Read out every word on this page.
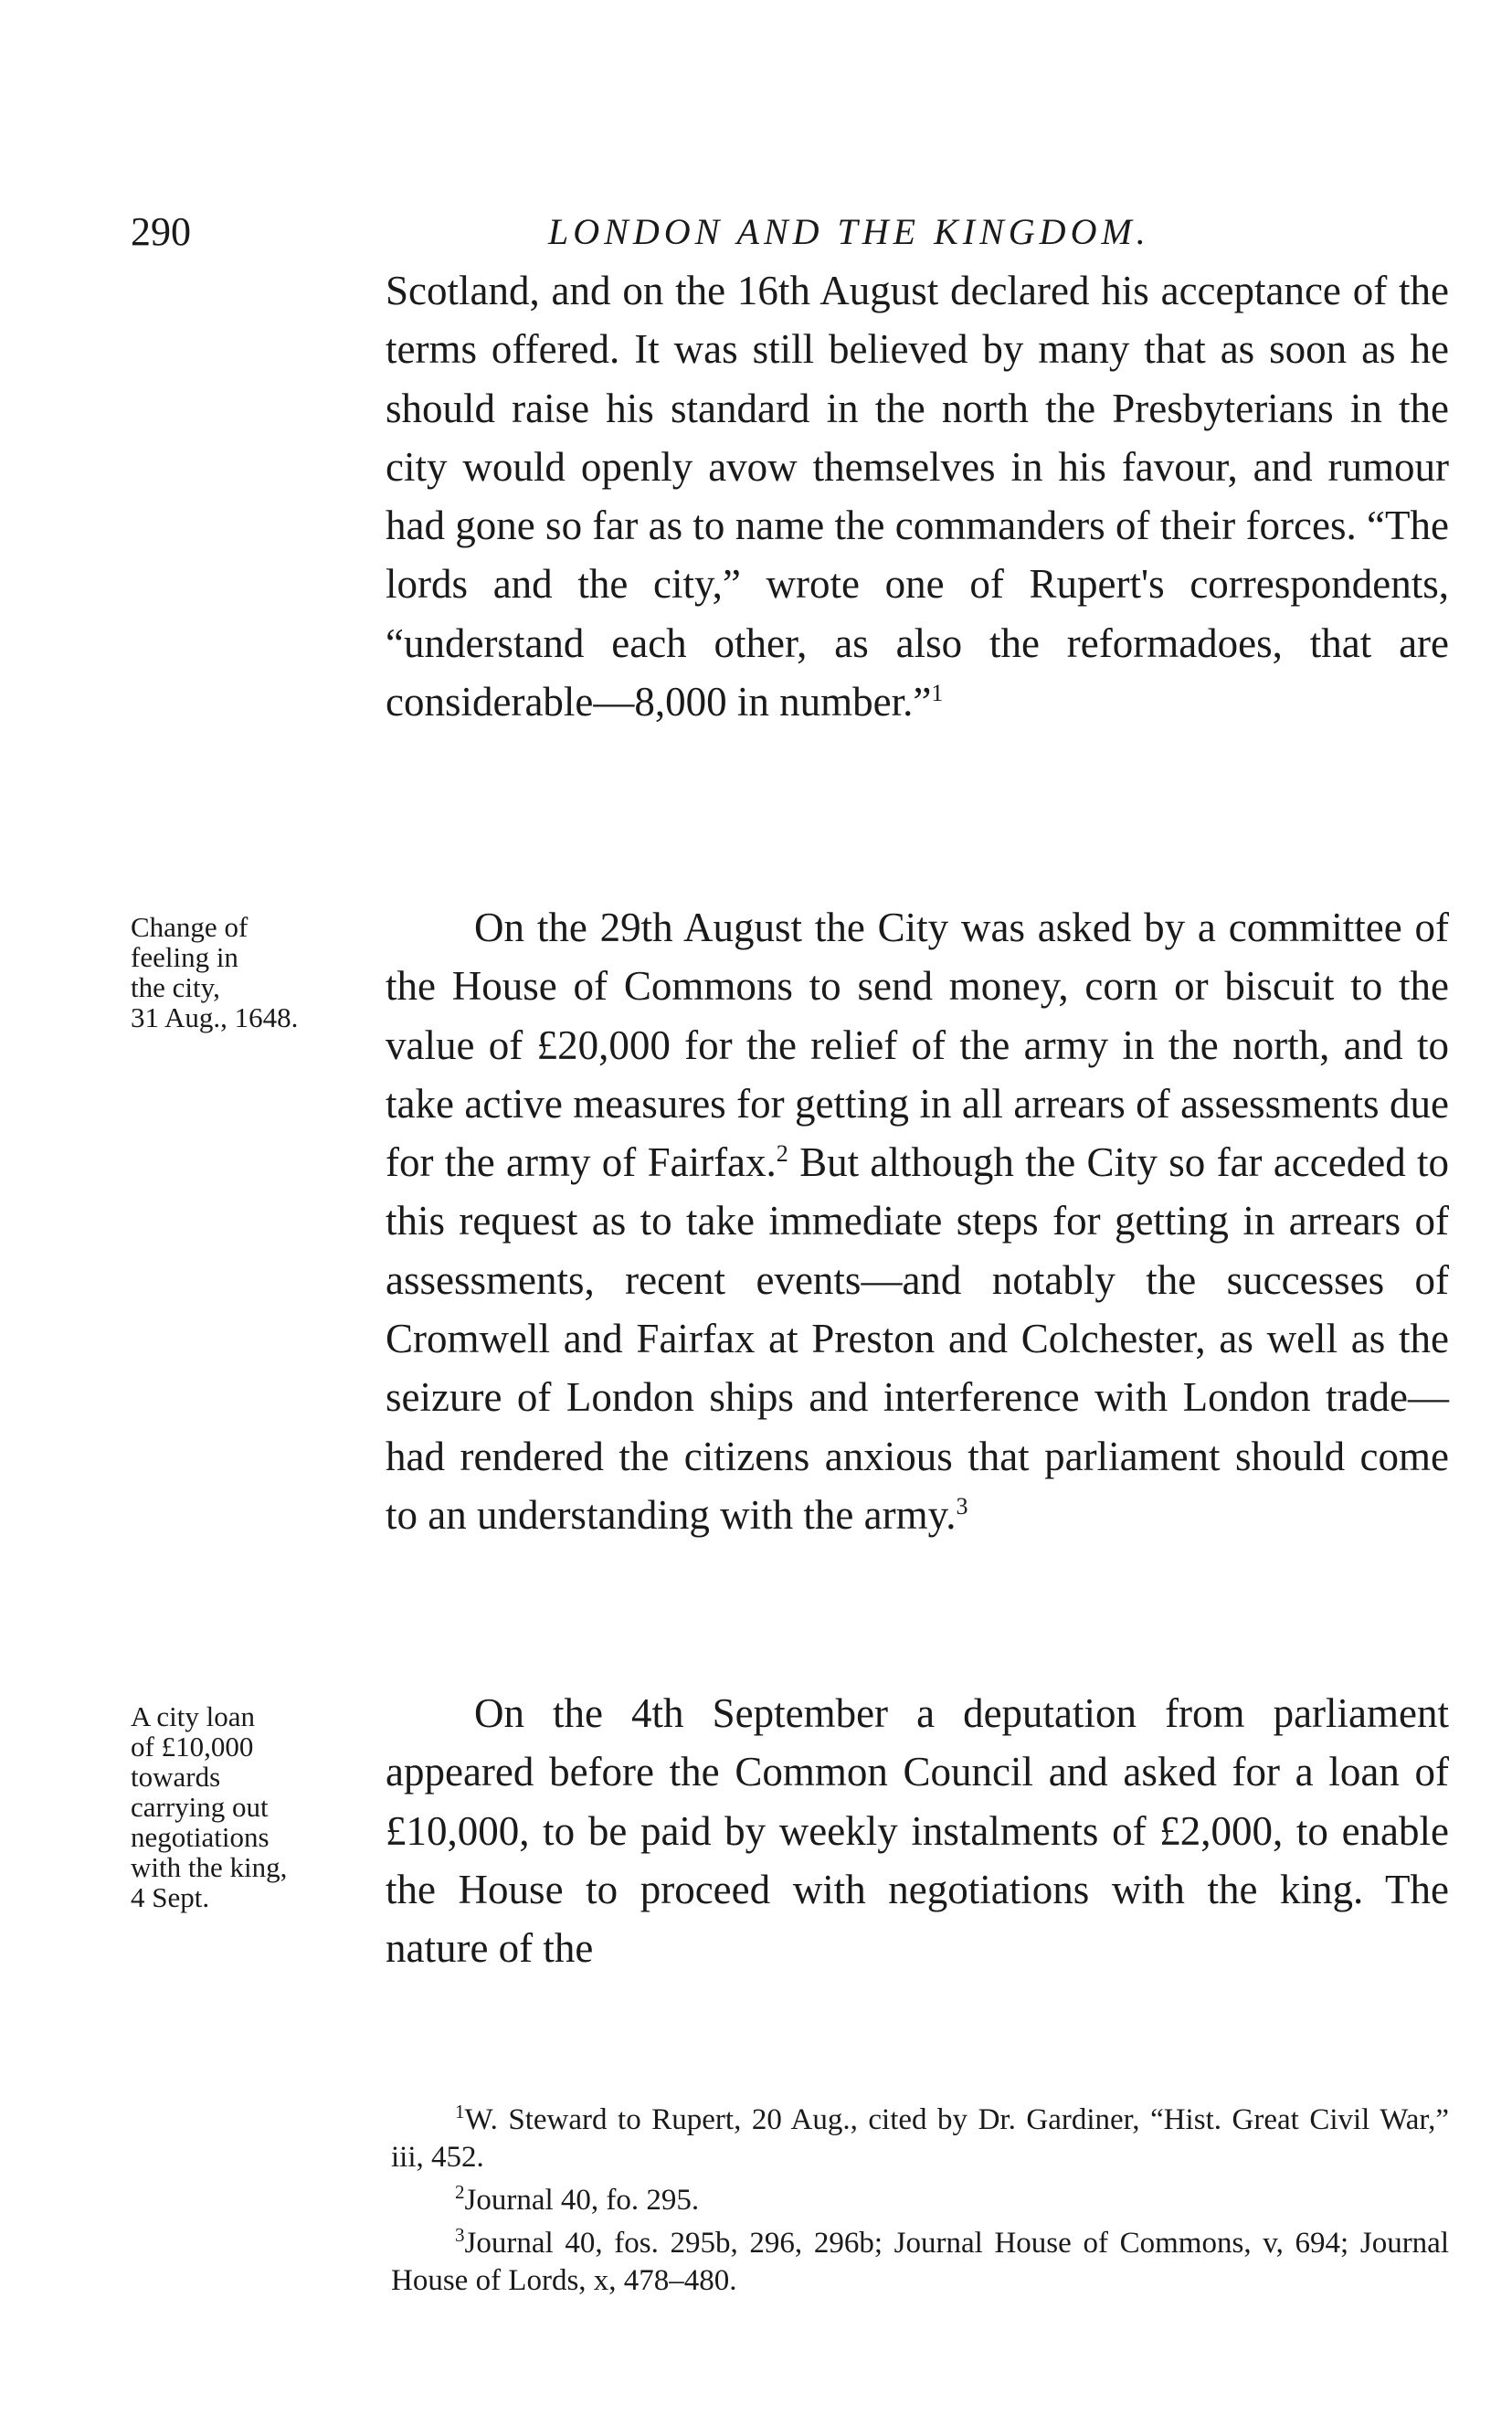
290	LONDON AND THE KINGDOM.

Scotland, and on the 16th August declared his acceptance of the terms offered. It was still believed by many that as soon as he should raise his standard in the north the Presbyterians in the city would openly avow themselves in his favour, and rumour had gone so far as to name the commanders of their forces. “The lords and the city,” wrote one of Rupert's correspondents, “understand each other, as also the reformadoes, that are considerable—8,000 in number.”$^1$

Change of
feeling in
the city,
31 Aug., 1648.

On the 29th August the City was asked by a committee of the House of Commons to send money, corn or biscuit to the value of £20,000 for the relief of the army in the north, and to take active measures for getting in all arrears of assessments due for the army of Fairfax.$^2$ But although the City so far acceded to this request as to take immediate steps for getting in arrears of assessments, recent events—and notably the successes of Cromwell and Fairfax at Preston and Colchester, as well as the seizure of London ships and interference with London trade—had rendered the citizens anxious that parliament should come to an understanding with the army.$^3$

A city loan
of £10,000
towards
carrying out
negotiations
with the king,
4 Sept.

On the 4th September a deputation from parliament appeared before the Common Council and asked for a loan of £10,000, to be paid by weekly instalments of £2,000, to enable the House to proceed with negotiations with the king. The nature of the

$^1$W. Steward to Rupert, 20 Aug., cited by Dr. Gardiner, “Hist. Great Civil War,” iii, 452.

$^2$Journal 40, fo. 295.

$^3$Journal 40, fos. 295b, 296, 296b; Journal House of Commons, v, 694; Journal House of Lords, x, 478–480.
